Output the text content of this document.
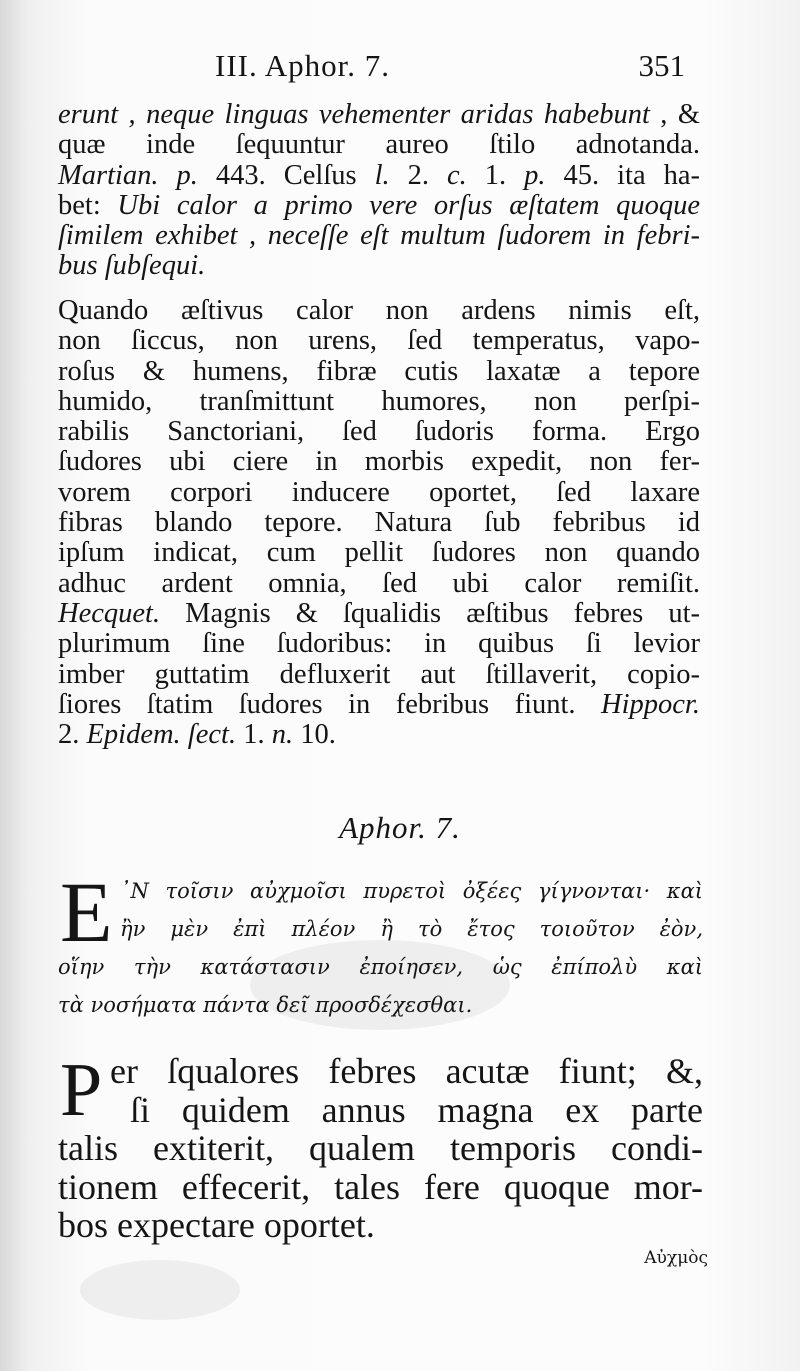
III. Aphor. 7.	351
erunt , neque linguas vehementer aridas habebunt , &
quæ inde ſequuntur aureo ſtilo adnotanda.
Martian. p. 443. Celſus l. 2. c. 1. p. 45. ita ha-
bet: Ubi calor a primo vere orſus æſtatem quoque
ſimilem exhibet , neceſſe eſt multum ſudorem in febri-
bus ſubſequi.
Quando æſtivus calor non ardens nimis eſt,
non ſiccus, non urens, ſed temperatus, vapo-
roſus & humens, fibræ cutis laxatæ a tepore
humido, tranſmittunt humores, non perſpi-
rabilis Sanctoriani, ſed ſudoris forma. Ergo
ſudores ubi ciere in morbis expedit, non fer-
vorem corpori inducere oportet, ſed laxare
fibras blando tepore. Natura ſub febribus id
ipſum indicat, cum pellit ſudores non quando
adhuc ardent omnia, ſed ubi calor remiſit.
Hecquet. Magnis & ſqualidis æſtibus febres ut-
plurimum ſine ſudoribus: in quibus ſi levior
imber guttatim defluxerit aut ſtillaverit, copio-
ſiores ſtatim ſudores in febribus fiunt. Hippocr.
2. Epidem. ſect. 1. n. 10.
Aphor. 7.
Ε ᾿Ν τοῖσιν αὐχμοῖσι πυρετοὶ ὀξέες γίγνονται· καὶ
ἢν μὲν ἐπὶ πλέον ἢ τὸ ἔτος τοιοῦτον ἐὸν,
οἵην τὴν κατάστασιν ἐποίησεν, ὡς ἐπίπολὺ καὶ
τὰ νοσήματα πάντα δεῖ προσδέχεσθαι.
P er ſqualores febres acutæ fiunt; &,
ſi quidem annus magna ex parte
talis extiterit, qualem temporis condi-
tionem effecerit, tales fere quoque mor-
bos expectare oportet.
Αὐχμὸς
